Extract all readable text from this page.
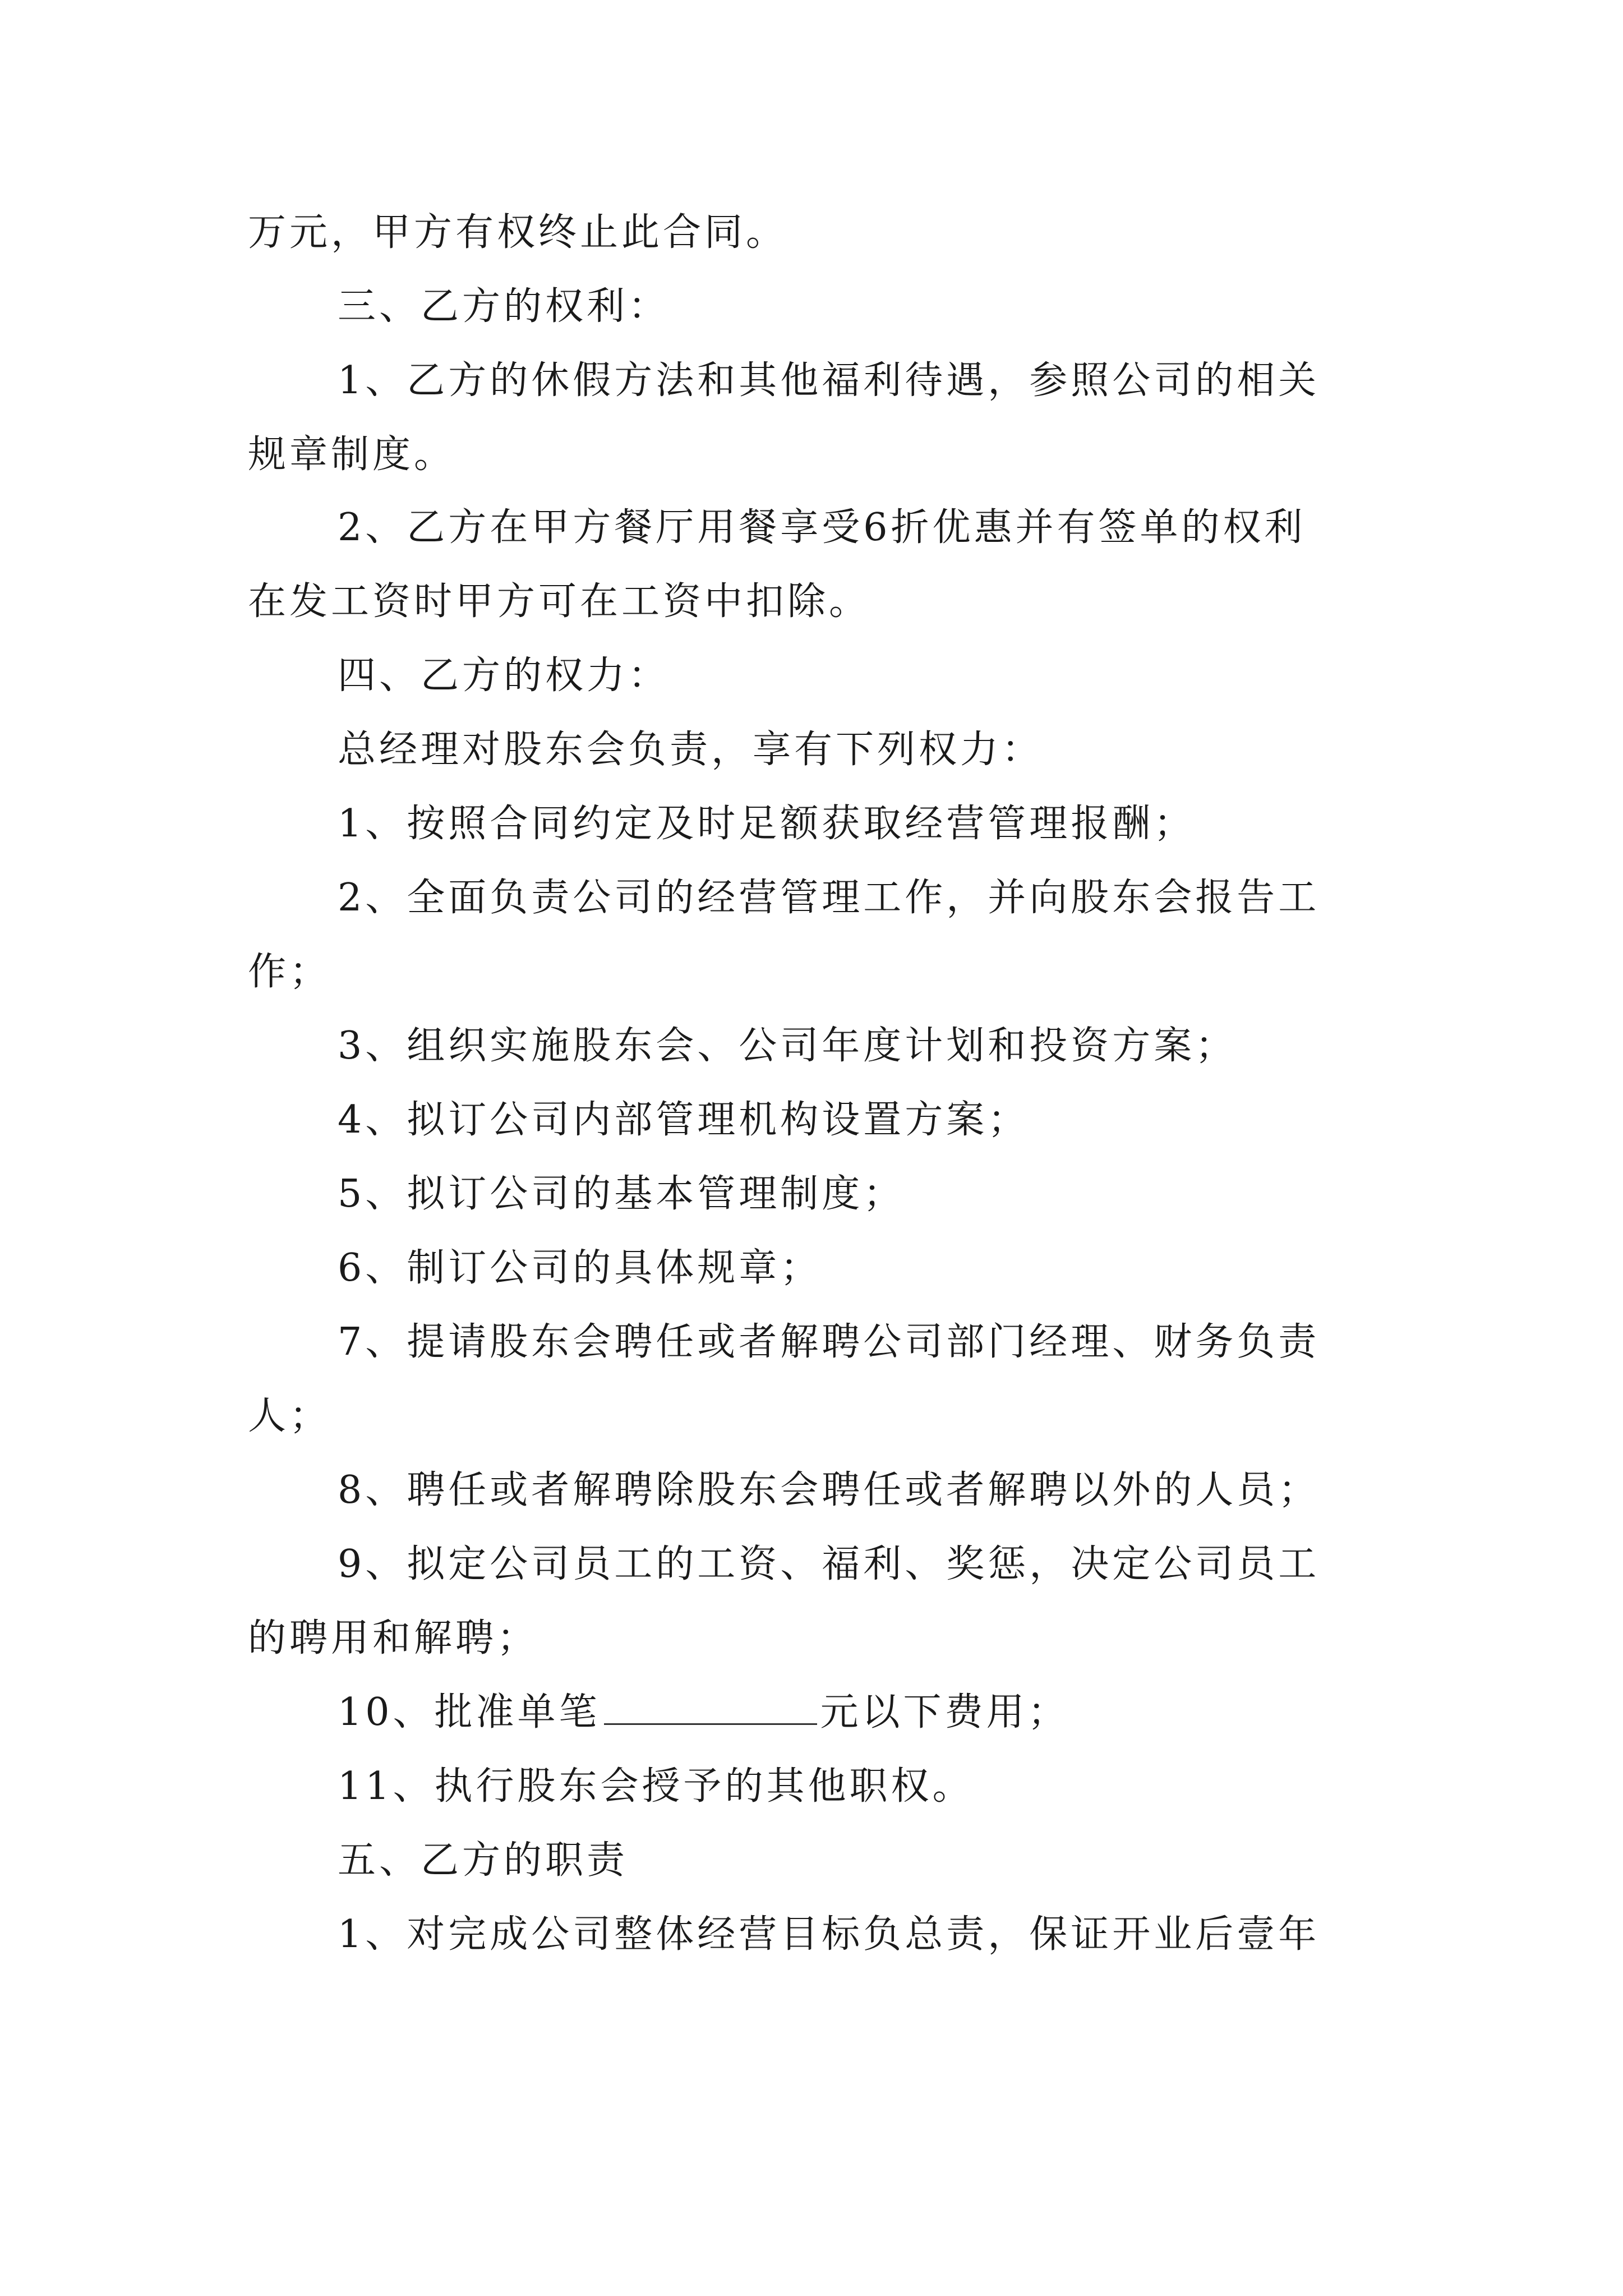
万元，甲方有权终止此合同。
三、乙方的权利：
1、乙方的休假方法和其他福利待遇，参照公司的相关
规章制度。
2、乙方在甲方餐厅用餐享受6折优惠并有签单的权利
在发工资时甲方可在工资中扣除。
四、乙方的权力：
总经理对股东会负责，享有下列权力：
1、按照合同约定及时足额获取经营管理报酬；
2、全面负责公司的经营管理工作，并向股东会报告工
作；
3、组织实施股东会、公司年度计划和投资方案；
4、拟订公司内部管理机构设置方案；
5、拟订公司的基本管理制度；
6、制订公司的具体规章；
7、提请股东会聘任或者解聘公司部门经理、财务负责
人；
8、聘任或者解聘除股东会聘任或者解聘以外的人员；
9、拟定公司员工的工资、福利、奖惩，决定公司员工
的聘用和解聘；
10、批准单笔	元以下费用；
11、执行股东会授予的其他职权。
五、乙方的职责
1、对完成公司整体经营目标负总责，保证开业后壹年
